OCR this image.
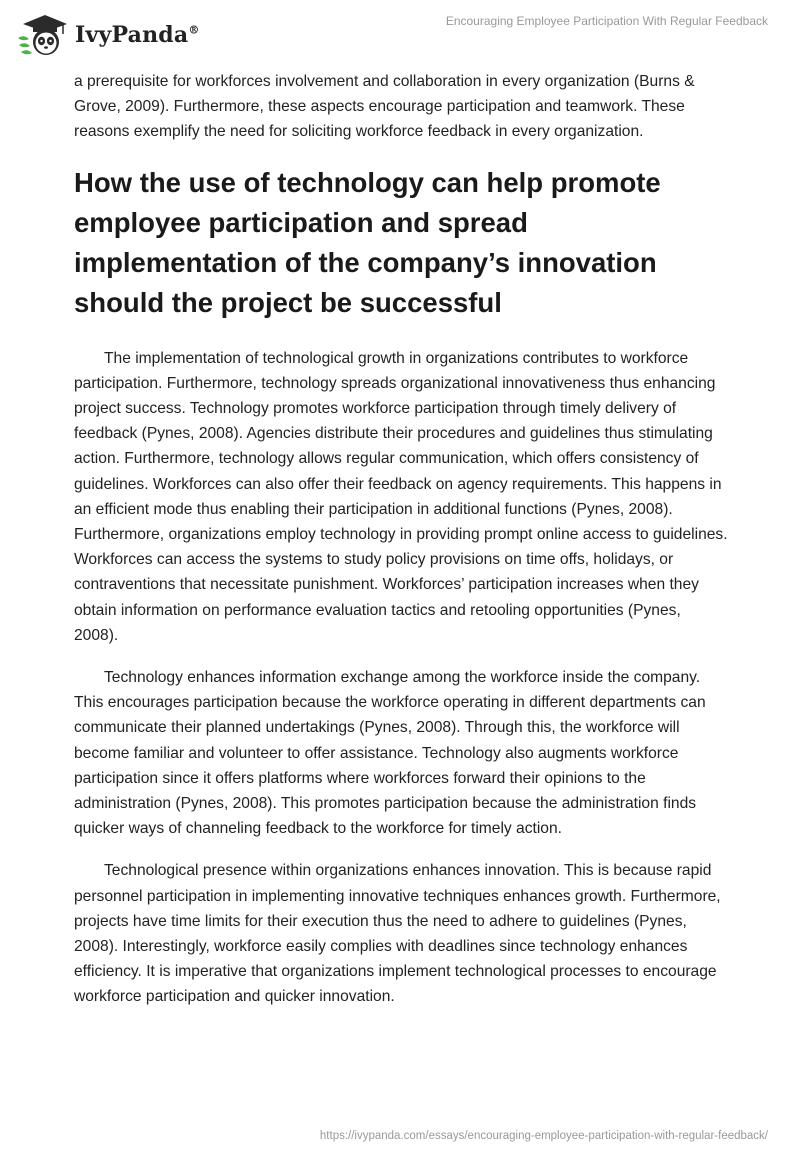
IvyPanda®
Encouraging Employee Participation With Regular Feedback

a prerequisite for workforces involvement and collaboration in every organization (Burns & Grove, 2009). Furthermore, these aspects encourage participation and teamwork. These reasons exemplify the need for soliciting workforce feedback in every organization.

How the use of technology can help promote employee participation and spread implementation of the company’s innovation should the project be successful

The implementation of technological growth in organizations contributes to workforce participation. Furthermore, technology spreads organizational innovativeness thus enhancing project success. Technology promotes workforce participation through timely delivery of feedback (Pynes, 2008). Agencies distribute their procedures and guidelines thus stimulating action. Furthermore, technology allows regular communication, which offers consistency of guidelines. Workforces can also offer their feedback on agency requirements. This happens in an efficient mode thus enabling their participation in additional functions (Pynes, 2008). Furthermore, organizations employ technology in providing prompt online access to guidelines. Workforces can access the systems to study policy provisions on time offs, holidays, or contraventions that necessitate punishment. Workforces’ participation increases when they obtain information on performance evaluation tactics and retooling opportunities (Pynes, 2008).

Technology enhances information exchange among the workforce inside the company. This encourages participation because the workforce operating in different departments can communicate their planned undertakings (Pynes, 2008). Through this, the workforce will become familiar and volunteer to offer assistance. Technology also augments workforce participation since it offers platforms where workforces forward their opinions to the administration (Pynes, 2008). This promotes participation because the administration finds quicker ways of channeling feedback to the workforce for timely action.

Technological presence within organizations enhances innovation. This is because rapid personnel participation in implementing innovative techniques enhances growth. Furthermore, projects have time limits for their execution thus the need to adhere to guidelines (Pynes, 2008). Interestingly, workforce easily complies with deadlines since technology enhances efficiency. It is imperative that organizations implement technological processes to encourage workforce participation and quicker innovation.

https://ivypanda.com/essays/encouraging-employee-participation-with-regular-feedback/
